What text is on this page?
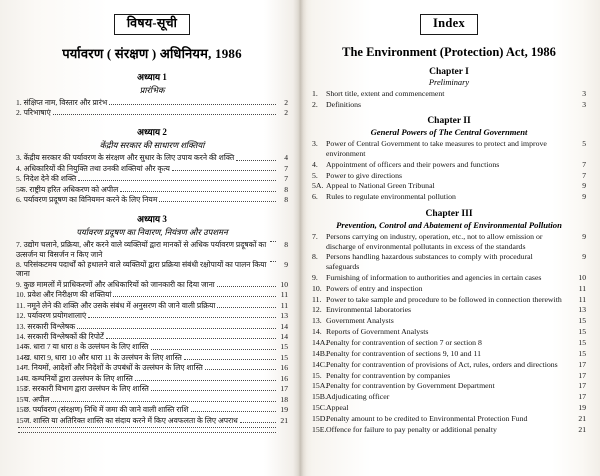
विषय-सूची
पर्यावरण ( संरक्षण ) अधिनियम, 1986
अध्याय 1
प्रारंभिक
1. संक्षिप्त नाम, विस्तार और प्रारंभ	2
2. परिभाषाएं	2
अध्याय 2
केंद्रीय सरकार की साधारण शक्तियां
3. केंद्रीय सरकार की पर्यावरण के संरक्षण और सुधार के लिए उपाय करने की शक्ति	4
4. अधिकारियों की नियुक्ति तथा उनकी शक्तियां और कृत्य	7
5. निदेश देने की शक्ति	7
5क. राष्ट्रीय हरित अधिकरण को अपील	8
6. पर्यावरण प्रदूषण का विनियमन करने के लिए नियम	8
अध्याय 3
पर्यावरण प्रदूषण का निवारण, नियंत्रण और उपशमन
7. उद्योग चलाने, प्रक्रिया, और करने वाले व्यक्तियों द्वारा मानकों से अधिक पर्यावरण प्रदूषकों का उत्सर्जन या विसर्जन न किए जाने
8
8. परिसंकटमय पदार्थों को हथालने वाले व्यक्तियों द्वारा प्रक्रिया संबंधी रक्षोपायों का पालन किया जाना
9
9. कुछ मामलों में प्राधिकरणों और अधिकारियों को जानकारी का दिया जाना	10
10. प्रवेश और निरीक्षण की शक्तियां	11
11. नमूने लेने की शक्ति और उसके संबंध में अनुसरण की जाने वाली प्रक्रिया	11
12. पर्यावरण प्रयोगशालाएं	13
13. सरकारी विश्लेषक	14
14. सरकारी विश्लेषकों की रिपोर्टें	14
14क. धारा 7 या धारा 8 के उल्लंघन के लिए शास्ति	15
14ख. धारा 9, धारा 10 और धारा 11 के उल्लंघन के लिए शास्ति	15
14ग. नियमों, आदेशों और निदेशों के उपबंधों के उल्लंघन के लिए शास्ति	16
14घ. कम्पनियों द्वारा उल्लंघन के लिए शास्ति	16
15ङ. सरकारी विभाग द्वारा उल्लंघन के लिए शास्ति	17
15च. अपील	18
15छ. पर्यावरण (संरक्षण) निधि में जमा की जाने वाली शास्ति राशि	19
15ज. शास्ति या अतिरिक्त शास्ति का संदाय करने में किए अवफलता के लिए अपराध	21
Index
The Environment (Protection) Act, 1986
Chapter I
Preliminary
1.	Short title, extent and commencement	3
2.	Definitions	3
Chapter II
General Powers of The Central Government
3.	Power of Central Government to take measures to protect and improve environment
5
4.	Appointment of officers and their powers and functions	7
5.	Power to give directions	7
5A. Appeal to National Green Tribunal	9
6.	Rules to regulate environmental pollution	9
Chapter III
Prevention, Control and Abatement of Environmental Pollution
7.	Persons carrying on industry, operation, etc., not to allow emission or discharge of environmental pollutants in excess of the standards
9
8.	Persons handling hazardous substances to comply with procedural safeguards
9
9.	Furnishing of information to authorities and agencies in certain cases	10
10. Powers of entry and inspection	11
11. Power to take sample and procedure to be followed in connection therewith	11
12. Environmental laboratories	13
13. Government Analysts	15
14. Reports of Government Analysts	15
14A.
Penalty for contravention of section 7 or section 8	15
14B. Penalty for contravention of sections 9, 10 and 11	15
14C. Penalty for contravention of provisions of Act, rules, orders and directions	17
15. Penalty for contravention by companies	17
15A.
Penalty for contravention by Government Department	17
15B. Adjudicating officer	17
15C. Appeal	19
15D.
Penalty amount to be credited to Environmental Protection Fund	21
15E. Offence for failure to pay penalty or additional penalty	21
